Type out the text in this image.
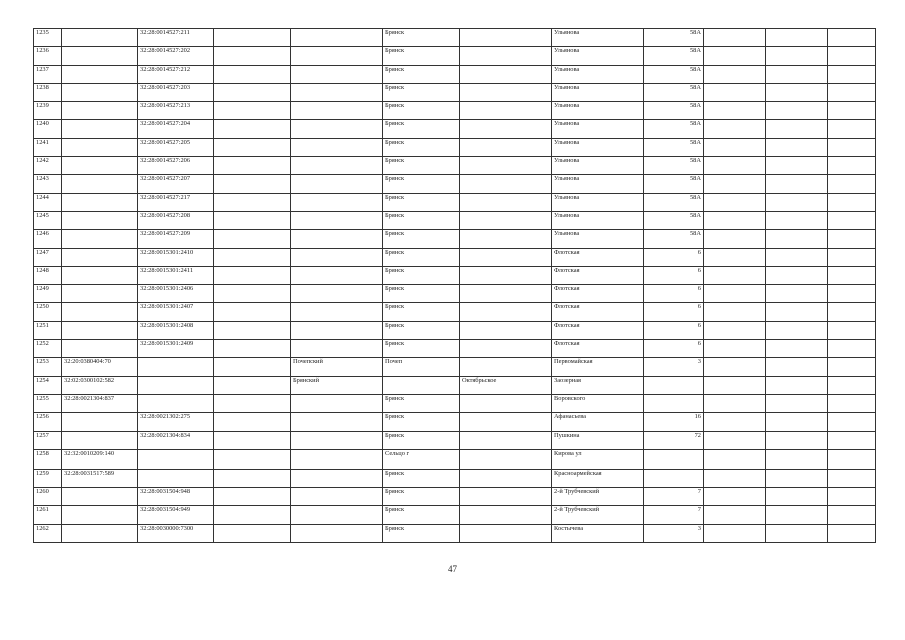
1235		32:28:0014527:211			Брянск		Ульянова	58А			
1236		32:28:0014527:202			Брянск		Ульянова	58А			
1237		32:28:0014527:212			Брянск		Ульянова	58А			
1238		32:28:0014527:203			Брянск		Ульянова	58А			
1239		32:28:0014527:213			Брянск		Ульянова	58А			
1240		32:28:0014527:204			Брянск		Ульянова	58А			
1241		32:28:0014527:205			Брянск		Ульянова	58А			
1242		32:28:0014527:206			Брянск		Ульянова	58А			
1243		32:28:0014527:207			Брянск		Ульянова	58А			
1244		32:28:0014527:217			Брянск		Ульянова	58А			
1245		32:28:0014527:208			Брянск		Ульянова	58А			
1246		32:28:0014527:209			Брянск		Ульянова	58А			
1247		32:28:0015301:2410			Брянск		Флотская	6			
1248		32:28:0015301:2411			Брянск		Флотская	6			
1249		32:28:0015301:2406			Брянск		Флотская	6			
1250		32:28:0015301:2407			Брянск		Флотская	6			
1251		32:28:0015301:2408			Брянск		Флотская	6			
1252		32:28:0015301:2409			Брянск		Флотская	6			
1253	32:20:0380404:70			Почепский	Почеп		Первомайская	3			
1254	32:02:0300102:582			Брянский		Октябрьское	Заозерная				
1255	32:28:0021304:837				Брянск		Воровского				
1256		32:28:0021302:275			Брянск		Афанасьева	16			
1257		32:28:0021304:834			Брянск		Пушкина	72			
1258	32:32:0010209:140				Сельцо г		Кирова ул				
1259	32:28:0031517:589				Брянск		Красноармейская				
1260		32:28:0031504:948			Брянск		2-й Трубчевский	7			
1261		32:28:0031504:949			Брянск		2-й Трубчевский	7			
1262		32:28:0030000:7300			Брянск		Костычева	3			
47
